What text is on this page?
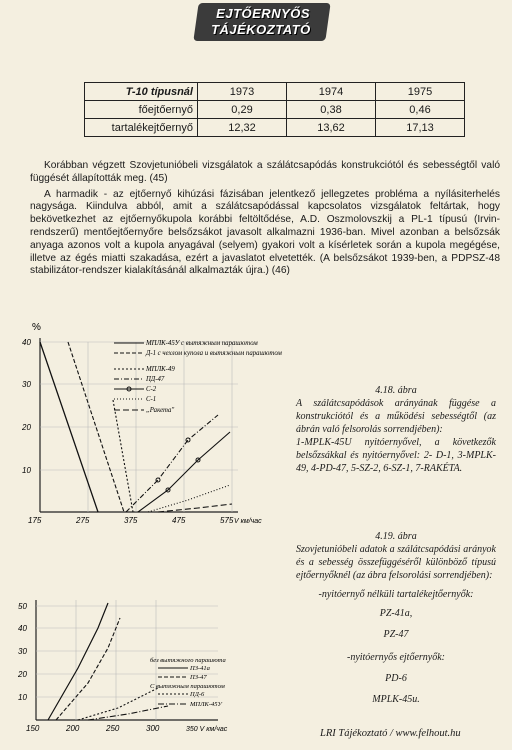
EJTŐERNYŐS
TÁJÉKOZTATÓ
T-10 típusnál	1973	1974	1975
főejtőernyő	0,29	0,38	0,46
tartalékejtőernyő	12,32	13,62	17,13

Korábban végzett Szovjetunióbeli vizsgálatok a szálátcsapódás konstrukciótól és sebességtől való függését állapították meg. (45)

A harmadik - az ejtőernyő kihúzási fázisában jelentkező jellegzetes probléma a nyílásiterhelés nagysága. Kiindulva abból, amit a szálátcsapódással kapcsolatos vizsgálatok feltártak, hogy bekövetkezhet az ejtőernyőkupola korábbi feltöltődése, A.D. Oszmolovszkij a PL-1 típusú (Irvin-rendszerű) mentőejtőernyőre belsőzsákot javasolt alkalmazni 1936-ban. Mivel azonban a belsőzsák anyaga azonos volt a kupola anyagával (selyem) gyakori volt a kísérletek során a kupola megégése, illetve az égés miatti szakadása, ezért a javaslatot elvetették. (A belsőzsákot 1939-ben, a PDPSZ-48 stabilizátor-rendszer kialakításánál alkalmazták újra.) (46)

%
40
30
20
10
175	275	375	475	575 V км/час
МПЛК-45У с вытяжным парашютом
Д-1 с чехлом купола и вытяжным парашютом
МПЛК-49
ПД-47
С-2
С-1
„Ракета"
50
40
30
20
10
150	200	250	300	350 V км/час
без вытяжного парашюта
ПЗ-41а
ПЗ-47
С вытяжным парашютом
ПД-6
МПЛК-45У
4.18. ábra
A szálátcsapódások arányának függése a konstrukciótól és a működési sebességtől (az ábrán való felsorolás sorrendjében):
1-MPLK-45U nyitóernyővel, a következők belsőzsákkal és nyitóernyővel: 2- D-1, 3-MPLK-49, 4-PD-47, 5-SZ-2, 6-SZ-1, 7-RAKÉTA.
4.19. ábra
Szovjetunióbeli adatok a szálátcsapódási arányok és a sebesség összefüggéséről különböző típusú ejtőernyőknél (az ábra felsorolási sorrendjében):
-nyitóernyő nélküli tartalékejtőernyők:
PZ-41a,
PZ-47
-nyitóernyős ejtőernyők:
PD-6
MPLK-45u.
LRI Tájékoztató / www.felhout.hu
